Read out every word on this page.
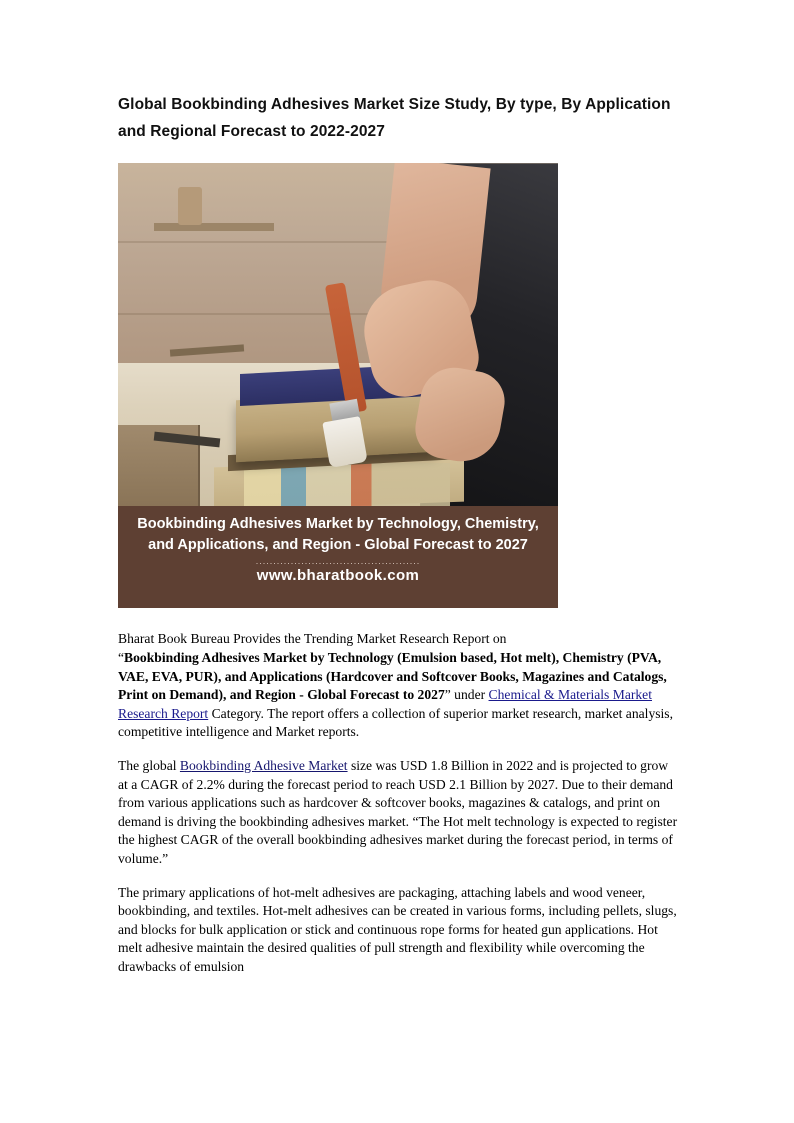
Global Bookbinding Adhesives Market Size Study, By type, By Application and Regional Forecast to 2022-2027
Bookbinding Adhesives Market by Technology, Chemistry, and Applications, and Region - Global Forecast to 2027
...............................................
www.bharatbook.com

Bharat Book Bureau Provides the Trending Market Research Report on
“Bookbinding Adhesives Market by Technology (Emulsion based, Hot melt), Chemistry (PVA, VAE, EVA, PUR), and Applications (Hardcover and Softcover Books, Magazines and Catalogs, Print on Demand), and Region - Global Forecast to 2027” under Chemical & Materials Market Research Report Category. The report offers a collection of superior market research, market analysis, competitive intelligence and Market reports.

The global Bookbinding Adhesive Market size was USD 1.8 Billion in 2022 and is projected to grow at a CAGR of 2.2% during the forecast period to reach USD 2.1 Billion by 2027. Due to their demand from various applications such as hardcover & softcover books, magazines & catalogs, and print on demand is driving the bookbinding adhesives market. “The Hot melt technology is expected to register the highest CAGR of the overall bookbinding adhesives market during the forecast period, in terms of volume.”

The primary applications of hot-melt adhesives are packaging, attaching labels and wood veneer, bookbinding, and textiles. Hot-melt adhesives can be created in various forms, including pellets, slugs, and blocks for bulk application or stick and continuous rope forms for heated gun applications. Hot melt adhesive maintain the desired qualities of pull strength and flexibility while overcoming the drawbacks of emulsion
